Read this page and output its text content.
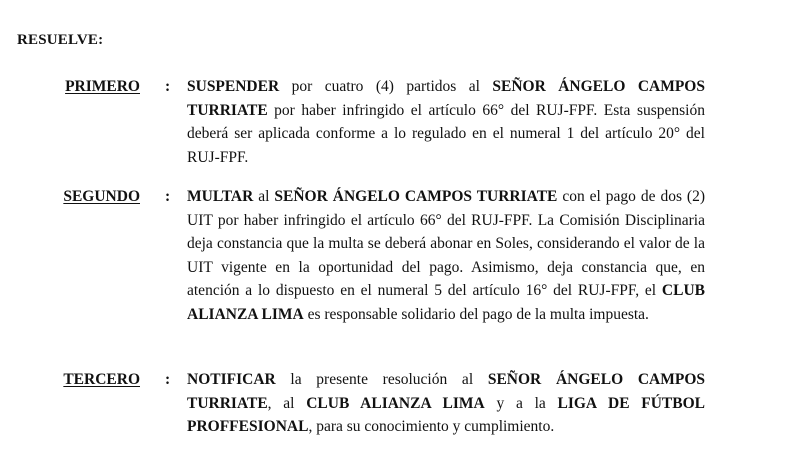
RESUELVE:
PRIMERO : SUSPENDER por cuatro (4) partidos al SEÑOR ÁNGELO CAMPOS TURRIATE por haber infringido el artículo 66° del RUJ-FPF. Esta suspensión deberá ser aplicada conforme a lo regulado en el numeral 1 del artículo 20° del RUJ-FPF.
SEGUNDO : MULTAR al SEÑOR ÁNGELO CAMPOS TURRIATE con el pago de dos (2) UIT por haber infringido el artículo 66° del RUJ-FPF. La Comisión Disciplinaria deja constancia que la multa se deberá abonar en Soles, considerando el valor de la UIT vigente en la oportunidad del pago. Asimismo, deja constancia que, en atención a lo dispuesto en el numeral 5 del artículo 16° del RUJ-FPF, el CLUB ALIANZA LIMA es responsable solidario del pago de la multa impuesta.
TERCERO : NOTIFICAR la presente resolución al SEÑOR ÁNGELO CAMPOS TURRIATE, al CLUB ALIANZA LIMA y a la LIGA DE FÚTBOL PROFFESIONAL, para su conocimiento y cumplimiento.
